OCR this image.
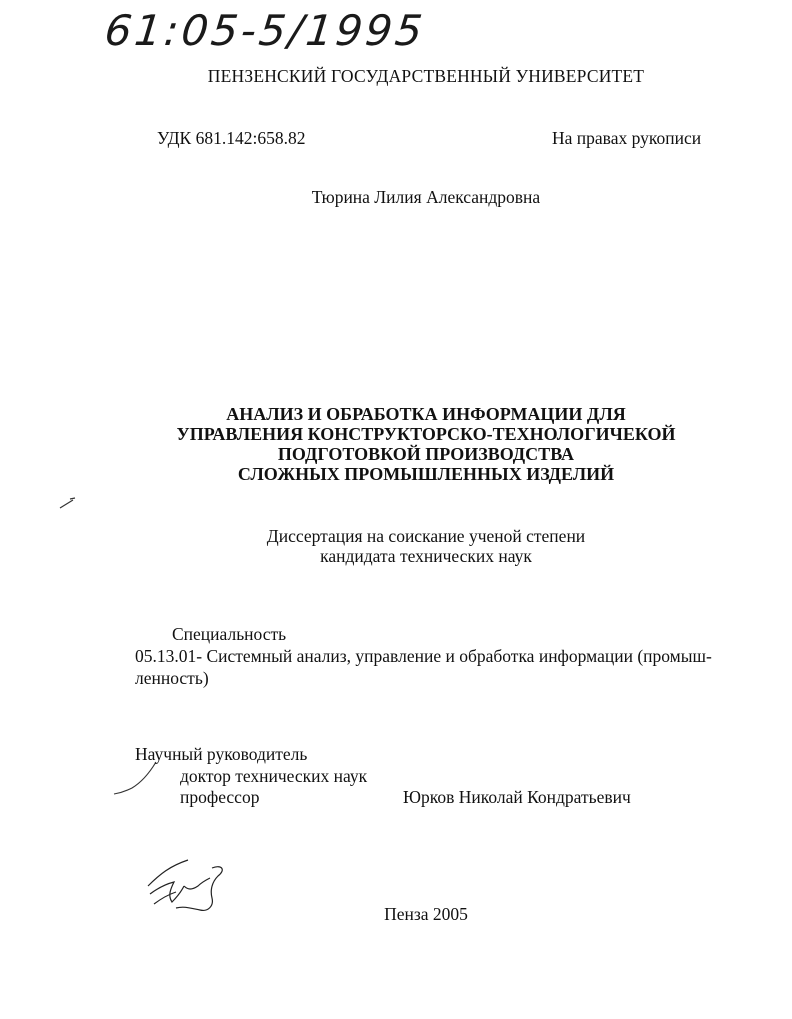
61:05-5/1995
ПЕНЗЕНСКИЙ ГОСУДАРСТВЕННЫЙ УНИВЕРСИТЕТ
УДК 681.142:658.82	На правах рукописи
Тюрина Лилия Александровна
АНАЛИЗ И ОБРАБОТКА ИНФОРМАЦИИ ДЛЯ
УПРАВЛЕНИЯ КОНСТРУКТОРСКО-ТЕХНОЛОГИЧЕКОЙ
ПОДГОТОВКОЙ ПРОИЗВОДСТВА
СЛОЖНЫХ ПРОМЫШЛЕННЫХ ИЗДЕЛИЙ
Диссертация на соискание ученой степени
кандидата технических наук
Специальность
05.13.01- Системный анализ, управление и обработка информации (промыш-
ленность)
Научный руководитель
доктор технических наук
профессор	Юрков Николай Кондратьевич
Пенза 2005
